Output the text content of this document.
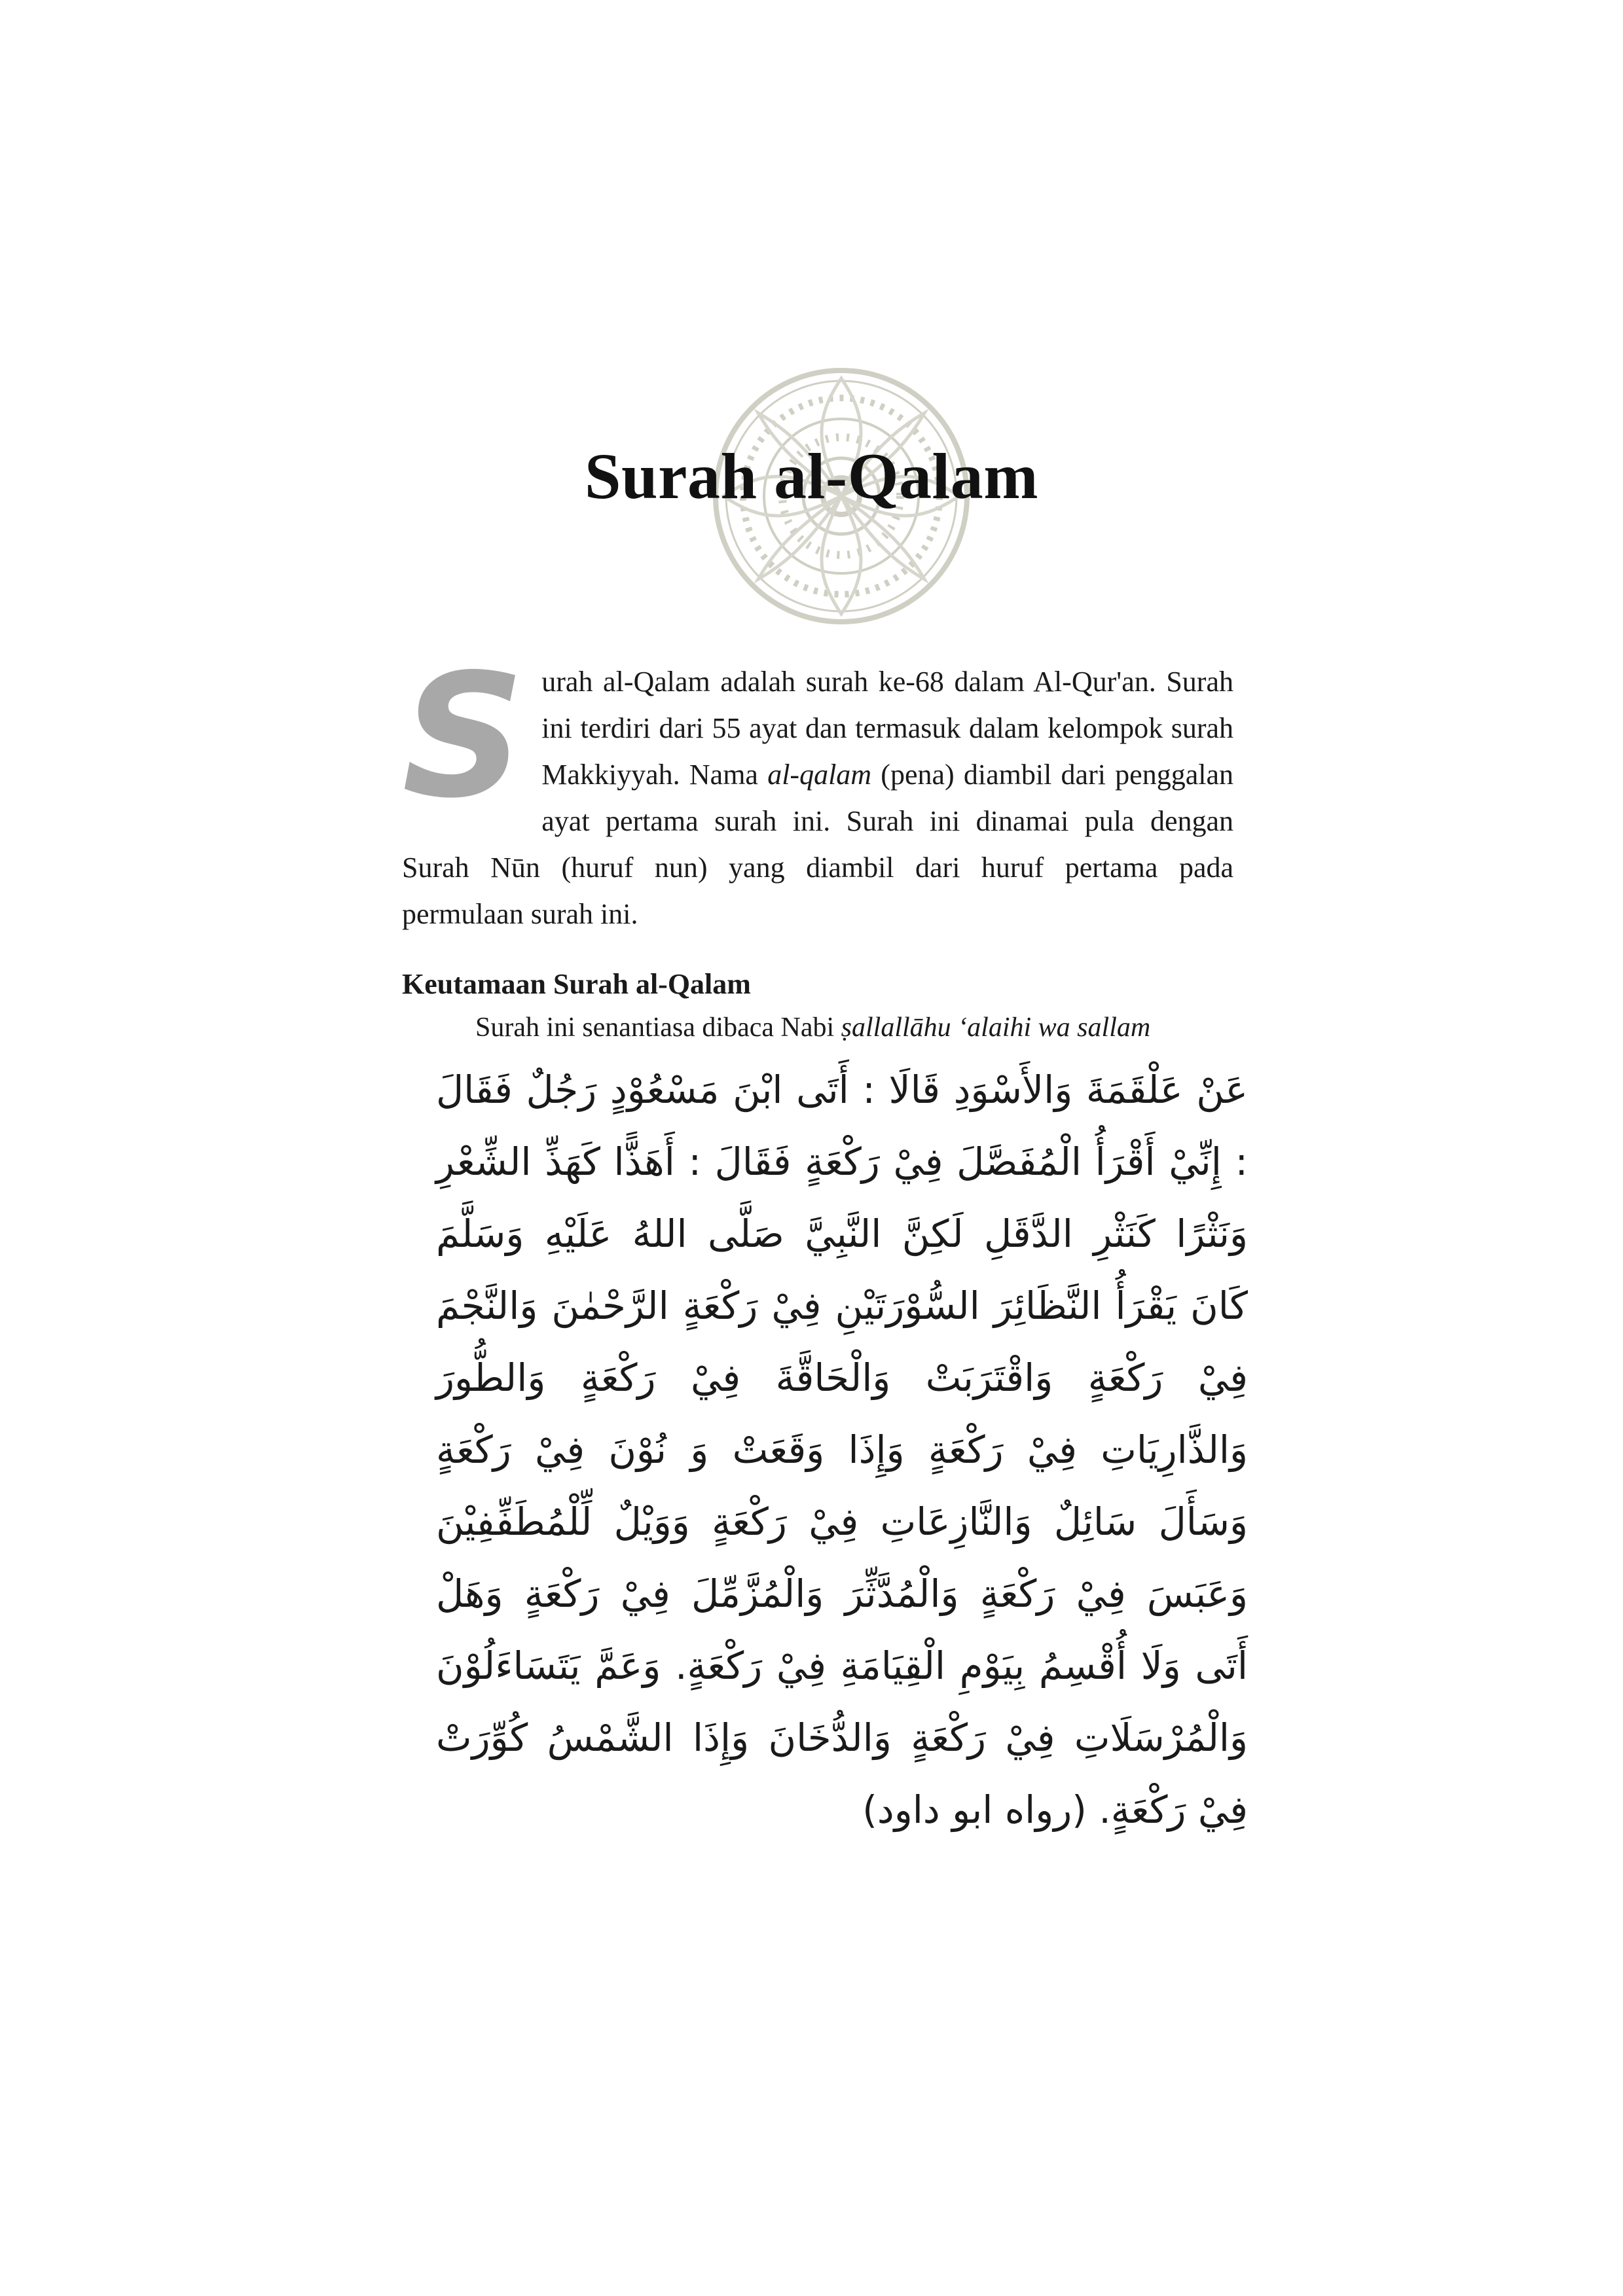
Surah al-Qalam

Surah al-Qalam adalah surah ke-68 dalam Al-Qur'an. Surah ini terdiri dari 55 ayat dan termasuk dalam kelompok surah Makkiyyah. Nama al-qalam (pena) diambil dari penggalan ayat pertama surah ini. Surah ini dinamai pula dengan Surah Nūn (huruf nun) yang diambil dari huruf pertama pada permulaan surah ini.

Keutamaan Surah al-Qalam
Surah ini senantiasa dibaca Nabi ṣallallāhu ‘alaihi wa sallam

عَنْ عَلْقَمَةَ وَالأَسْوَدِ قَالَا : أَتَى ابْنَ مَسْعُوْدٍ رَجُلٌ فَقَالَ : إِنِّيْ أَقْرَأُ الْمُفَصَّلَ فِيْ رَكْعَةٍ فَقَالَ : أَهَذًّا كَهَذِّ الشِّعْرِ وَنَثْرًا كَنَثْرِ الدَّقَلِ لَكِنَّ النَّبِيَّ صَلَّى اللهُ عَلَيْهِ وَسَلَّمَ كَانَ يَقْرَأُ النَّظَائِرَ السُّوْرَتَيْنِ فِيْ رَكْعَةٍ الرَّحْمٰنَ وَالنَّجْمَ فِيْ رَكْعَةٍ وَاقْتَرَبَتْ وَالْحَاقَّةَ فِيْ رَكْعَةٍ وَالطُّورَ وَالذَّارِيَاتِ فِيْ رَكْعَةٍ وَإِذَا وَقَعَتْ وَ نُوْنَ فِيْ رَكْعَةٍ وَسَأَلَ سَائِلٌ وَالنَّازِعَاتِ فِيْ رَكْعَةٍ وَوَيْلٌ لِّلْمُطَفِّفِيْنَ وَعَبَسَ فِيْ رَكْعَةٍ وَالْمُدَّثِّرَ وَالْمُزَّمِّلَ فِيْ رَكْعَةٍ وَهَلْ أَتَى وَلَا أُقْسِمُ بِيَوْمِ الْقِيَامَةِ فِيْ رَكْعَةٍ. وَعَمَّ يَتَسَاءَلُوْنَ وَالْمُرْسَلَاتِ فِيْ رَكْعَةٍ وَالدُّخَانَ وَإِذَا الشَّمْسُ كُوِّرَتْ فِيْ رَكْعَةٍ. (رواه ابو داود)
